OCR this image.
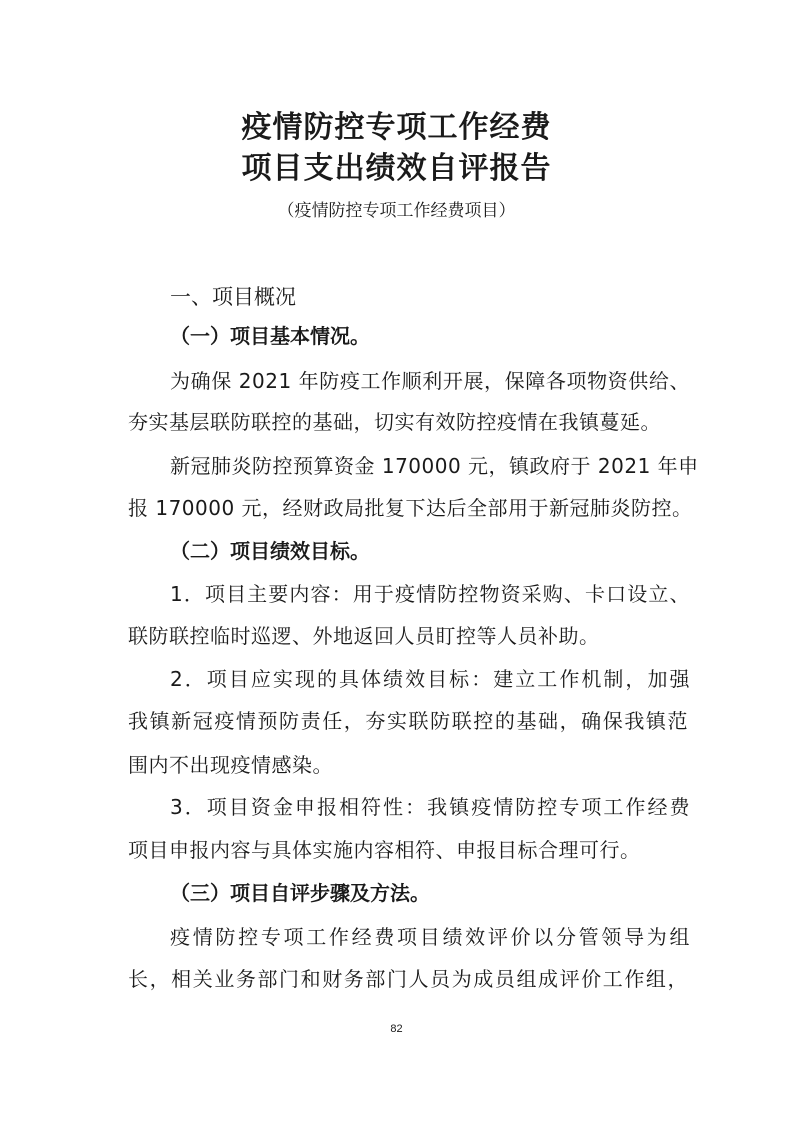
疫情防控专项工作经费
项目支出绩效自评报告
（疫情防控专项工作经费项目）
一、项目概况
（一）项目基本情况。
为确保 2021 年防疫工作顺利开展，保障各项物资供给、
夯实基层联防联控的基础，切实有效防控疫情在我镇蔓延。
新冠肺炎防控预算资金 170000 元，镇政府于 2021 年申
报 170000 元，经财政局批复下达后全部用于新冠肺炎防控。
（二）项目绩效目标。
1．项目主要内容：用于疫情防控物资采购、卡口设立、
联防联控临时巡逻、外地返回人员盯控等人员补助。
2．项目应实现的具体绩效目标：建立工作机制，加强
我镇新冠疫情预防责任，夯实联防联控的基础，确保我镇范
围内不出现疫情感染。
3．项目资金申报相符性：我镇疫情防控专项工作经费
项目申报内容与具体实施内容相符、申报目标合理可行。
（三）项目自评步骤及方法。
疫情防控专项工作经费项目绩效评价以分管领导为组
长，相关业务部门和财务部门人员为成员组成评价工作组，
82
